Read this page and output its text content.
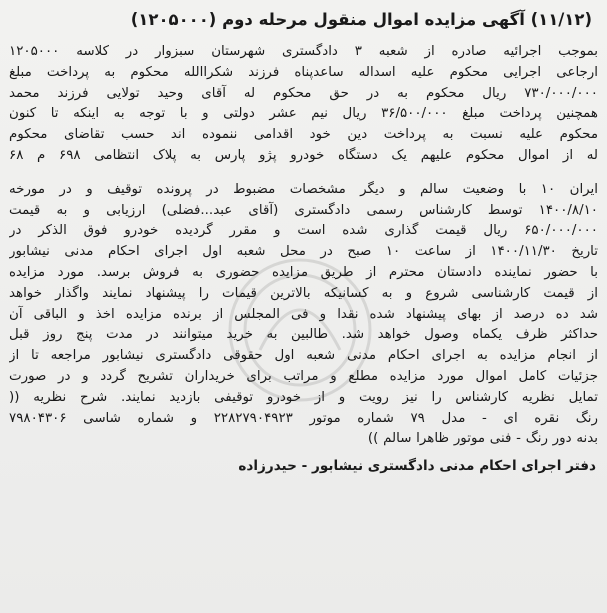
(۱۱/۱۲) آگهی مزایده اموال منقول مرحله دوم (۱۲۰۵۰۰۰)
بموجب اجرائیه صادره از شعبه ۳ دادگستری شهرستان سبزوار در کلاسه ۱۲۰۵۰۰۰
ارجاعی اجرایی محکوم علیه اسداله ساعدپناه فرزند شکراالله محکوم به پرداخت مبلغ
۷۳۰/۰۰۰/۰۰۰ ریال محکوم به در حق محکوم له آقای وحید تولایی فرزند محمد
همچنین پرداخت مبلغ ۳۶/۵۰۰/۰۰۰ ریال نیم عشر دولتی و با توجه به اینکه تا کنون
محکوم علیه نسبت به پرداخت دین خود اقدامی ننموده اند حسب تقاضای محکوم
له از اموال محکوم علیهم یک دستگاه خودرو پژو پارس به پلاک انتظامی ۶۹۸ م ۶۸
ایران ۱۰ با وضعیت سالم و دیگر مشخصات مضبوط در پرونده توقیف و در مورخه
۱۴۰۰/۸/۱۰ توسط کارشناس رسمی دادگستری (آقای عبد...فضلی) ارزیابی و به قیمت
۶۵۰/۰۰۰/۰۰۰ ریال قیمت گذاری شده است و مقرر گردیده خودرو فوق الذکر در
تاریخ ۱۴۰۰/۱۱/۳۰ از ساعت ۱۰ صبح در محل شعبه اول اجرای احکام مدنی نیشابور
با حضور نماینده دادستان محترم از طریق مزایده حضوری به فروش برسد. مورد مزایده
از قیمت کارشناسی شروع و به کسانیکه بالاترین قیمات را پیشنهاد نمایند واگذار خواهد
شد ده درصد از بهای پیشنهاد شده نقدا و فی المجلس از برنده مزایده اخذ و الباقی آن
حداکثر ظرف یکماه وصول خواهد شد. طالبین به خرید میتوانند در مدت پنج روز قبل
از انجام مزایده به اجرای احکام مدنی شعبه اول حقوقی دادگستری نیشابور مراجعه تا از
جزئیات کامل اموال مورد مزایده مطلع و مراتب برای خریداران تشریح گردد و در صورت
تمایل نظریه کارشناس را نیز رویت و از خودرو توقیفی بازدید نمایند. شرح نظریه ((
رنگ نقره ای - مدل ۷۹ شماره موتور ۲۲۸۲۷۹۰۴۹۲۳ و شماره شاسی ۷۹۸۰۴۳۰۶
بدنه دور رنگ - فنی موتور ظاهرا سالم ))
دفتر اجرای احکام مدنی دادگستری نیشابور - حیدرزاده
